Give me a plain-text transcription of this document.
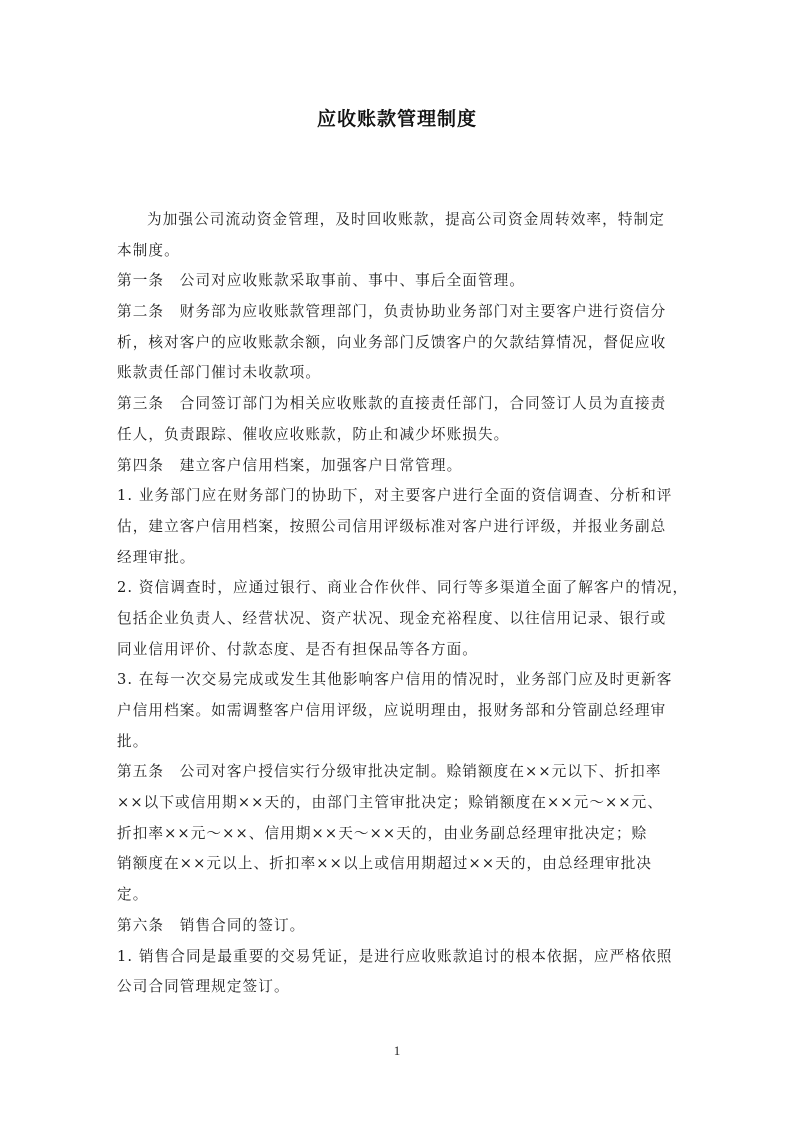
应收账款管理制度
为加强公司流动资金管理，及时回收账款，提高公司资金周转效率，特制定
本制度。
第一条　公司对应收账款采取事前、事中、事后全面管理。
第二条　财务部为应收账款管理部门，负责协助业务部门对主要客户进行资信分
析，核对客户的应收账款余额，向业务部门反馈客户的欠款结算情况，督促应收
账款责任部门催讨未收款项。
第三条　合同签订部门为相关应收账款的直接责任部门，合同签订人员为直接责
任人，负责跟踪、催收应收账款，防止和减少坏账损失。
第四条　建立客户信用档案，加强客户日常管理。
1. 业务部门应在财务部门的协助下，对主要客户进行全面的资信调查、分析和评
估，建立客户信用档案，按照公司信用评级标准对客户进行评级，并报业务副总
经理审批。
2. 资信调查时，应通过银行、商业合作伙伴、同行等多渠道全面了解客户的情况，
包括企业负责人、经营状况、资产状况、现金充裕程度、以往信用记录、银行或
同业信用评价、付款态度、是否有担保品等各方面。
3. 在每一次交易完成或发生其他影响客户信用的情况时，业务部门应及时更新客
户信用档案。如需调整客户信用评级，应说明理由，报财务部和分管副总经理审
批。
第五条　公司对客户授信实行分级审批决定制。赊销额度在××元以下、折扣率
××以下或信用期××天的，由部门主管审批决定；赊销额度在××元～××元、
折扣率××元～××、信用期××天～××天的，由业务副总经理审批决定；赊
销额度在××元以上、折扣率××以上或信用期超过××天的，由总经理审批决
定。
第六条　销售合同的签订。
1. 销售合同是最重要的交易凭证，是进行应收账款追讨的根本依据，应严格依照
公司合同管理规定签订。
1
